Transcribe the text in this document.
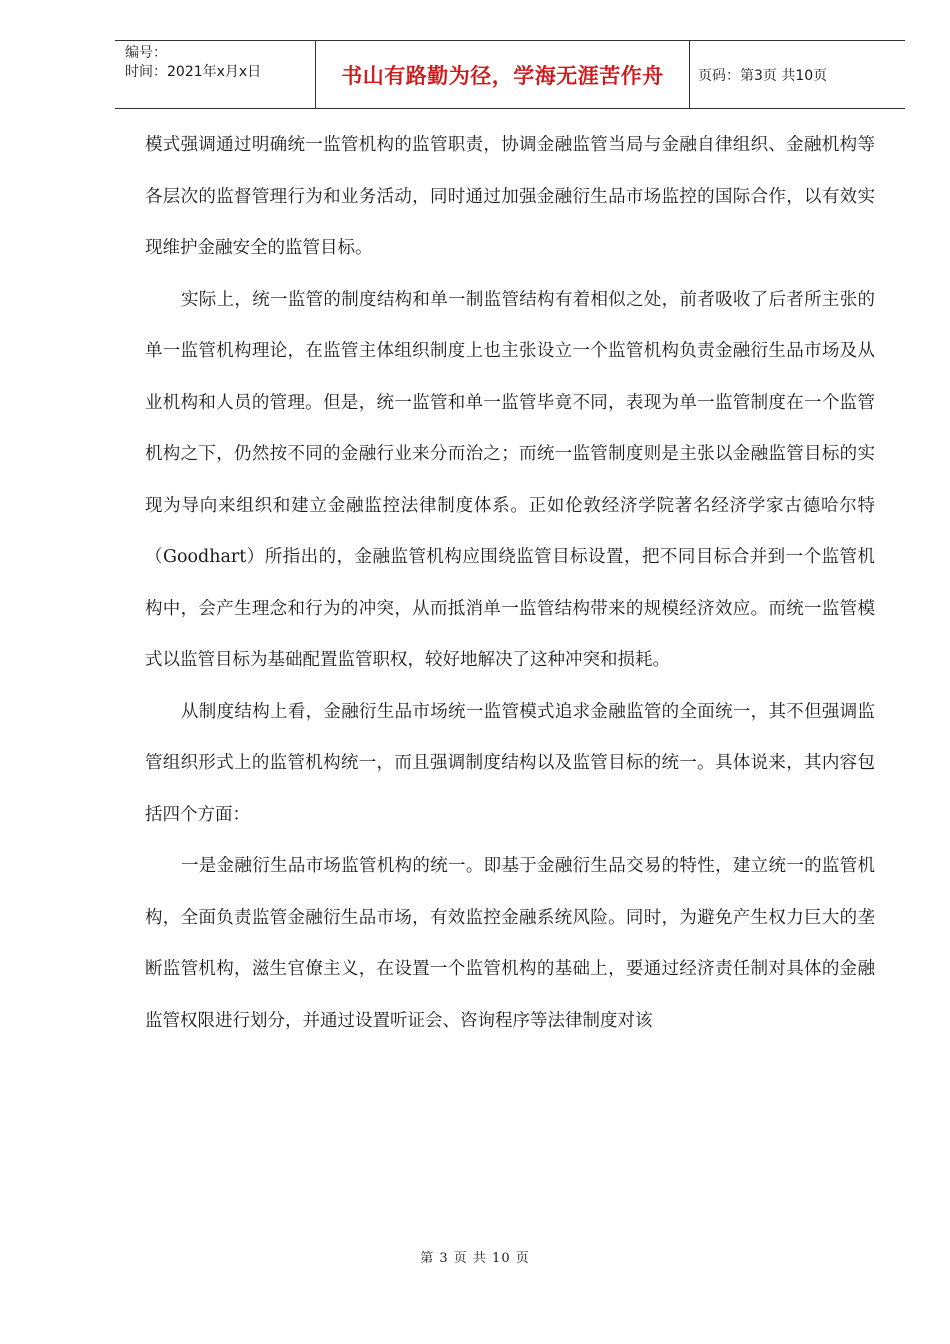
编号：
时间：2021年x月x日	书山有路勤为径，学海无涯苦作舟 页码：第3页 共10页

模式强调通过明确统一监管机构的监管职责，协调金融监管当局与金融自律组织、金融机构等各层次的监督管理行为和业务活动，同时通过加强金融衍生品市场监控的国际合作，以有效实现维护金融安全的监管目标。

实际上，统一监管的制度结构和单一制监管结构有着相似之处，前者吸收了后者所主张的单一监管机构理论，在监管主体组织制度上也主张设立一个监管机构负责金融衍生品市场及从业机构和人员的管理。但是，统一监管和单一监管毕竟不同，表现为单一监管制度在一个监管机构之下，仍然按不同的金融行业来分而治之；而统一监管制度则是主张以金融监管目标的实现为导向来组织和建立金融监控法律制度体系。正如伦敦经济学院著名经济学家古德哈尔特（Goodhart）所指出的，金融监管机构应围绕监管目标设置，把不同目标合并到一个监管机构中，会产生理念和行为的冲突，从而抵消单一监管结构带来的规模经济效应。而统一监管模式以监管目标为基础配置监管职权，较好地解决了这种冲突和损耗。

从制度结构上看，金融衍生品市场统一监管模式追求金融监管的全面统一，其不但强调监管组织形式上的监管机构统一，而且强调制度结构以及监管目标的统一。具体说来，其内容包括四个方面：

一是金融衍生品市场监管机构的统一。即基于金融衍生品交易的特性，建立统一的监管机构，全面负责监管金融衍生品市场，有效监控金融系统风险。同时，为避免产生权力巨大的垄断监管机构，滋生官僚主义，在设置一个监管机构的基础上，要通过经济责任制对具体的金融监管权限进行划分，并通过设置听证会、咨询程序等法律制度对该

第 3 页 共 10 页
